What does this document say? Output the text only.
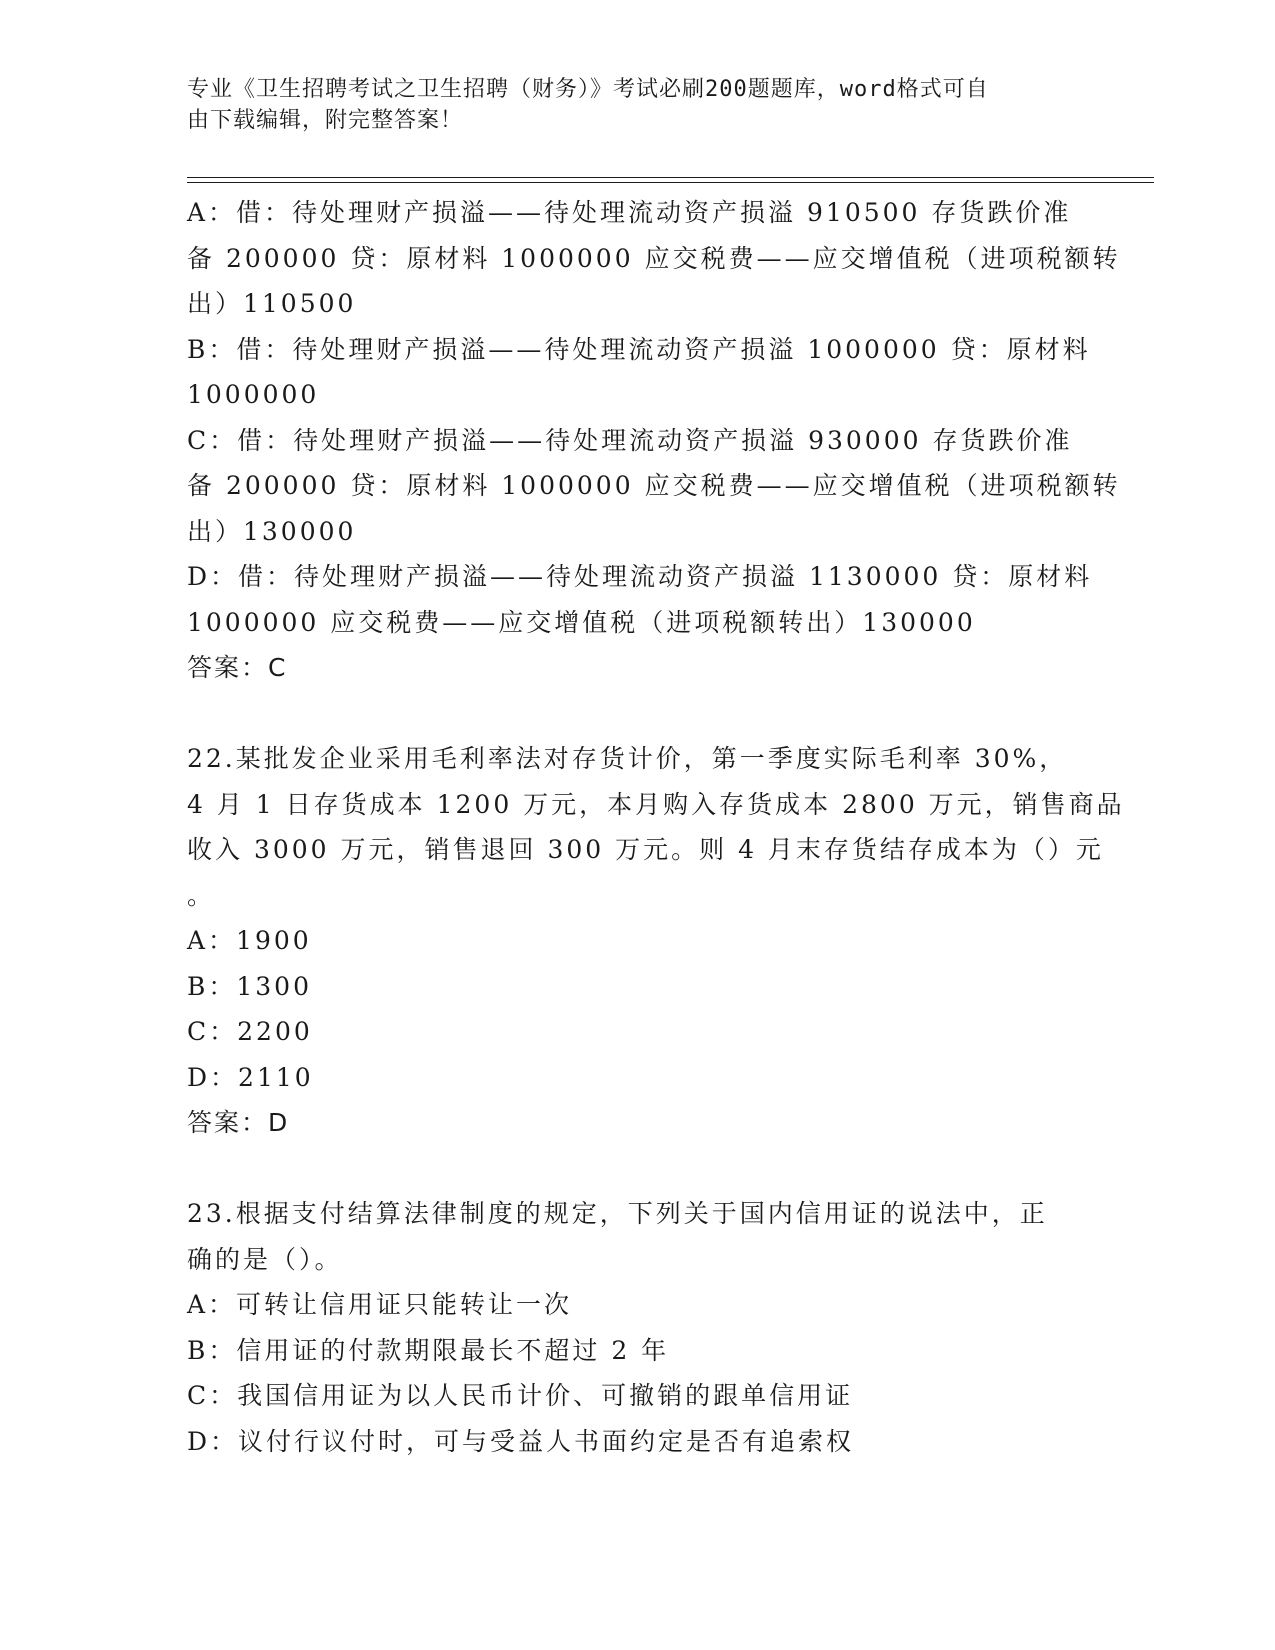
专业《卫生招聘考试之卫生招聘（财务）》考试必刷200题题库，word格式可自
由下载编辑，附完整答案！
A：借：待处理财产损溢——待处理流动资产损溢 910500 存货跌价准
备 200000 贷：原材料 1000000 应交税费——应交增值税（进项税额转
出）110500
B：借：待处理财产损溢——待处理流动资产损溢 1000000 贷：原材料
1000000
C：借：待处理财产损溢——待处理流动资产损溢 930000 存货跌价准
备 200000 贷：原材料 1000000 应交税费——应交增值税（进项税额转
出）130000
D：借：待处理财产损溢——待处理流动资产损溢 1130000 贷：原材料
1000000 应交税费——应交增值税（进项税额转出）130000
答案：C
22.某批发企业采用毛利率法对存货计价，第一季度实际毛利率 30%，
4 月 1 日存货成本 1200 万元，本月购入存货成本 2800 万元，销售商品
收入 3000 万元，销售退回 300 万元。则 4 月末存货结存成本为（）元
。
A：1900
B：1300
C：2200
D：2110
答案：D
23.根据支付结算法律制度的规定，下列关于国内信用证的说法中，正
确的是（）。
A：可转让信用证只能转让一次
B：信用证的付款期限最长不超过 2 年
C：我国信用证为以人民币计价、可撤销的跟单信用证
D：议付行议付时，可与受益人书面约定是否有追索权
